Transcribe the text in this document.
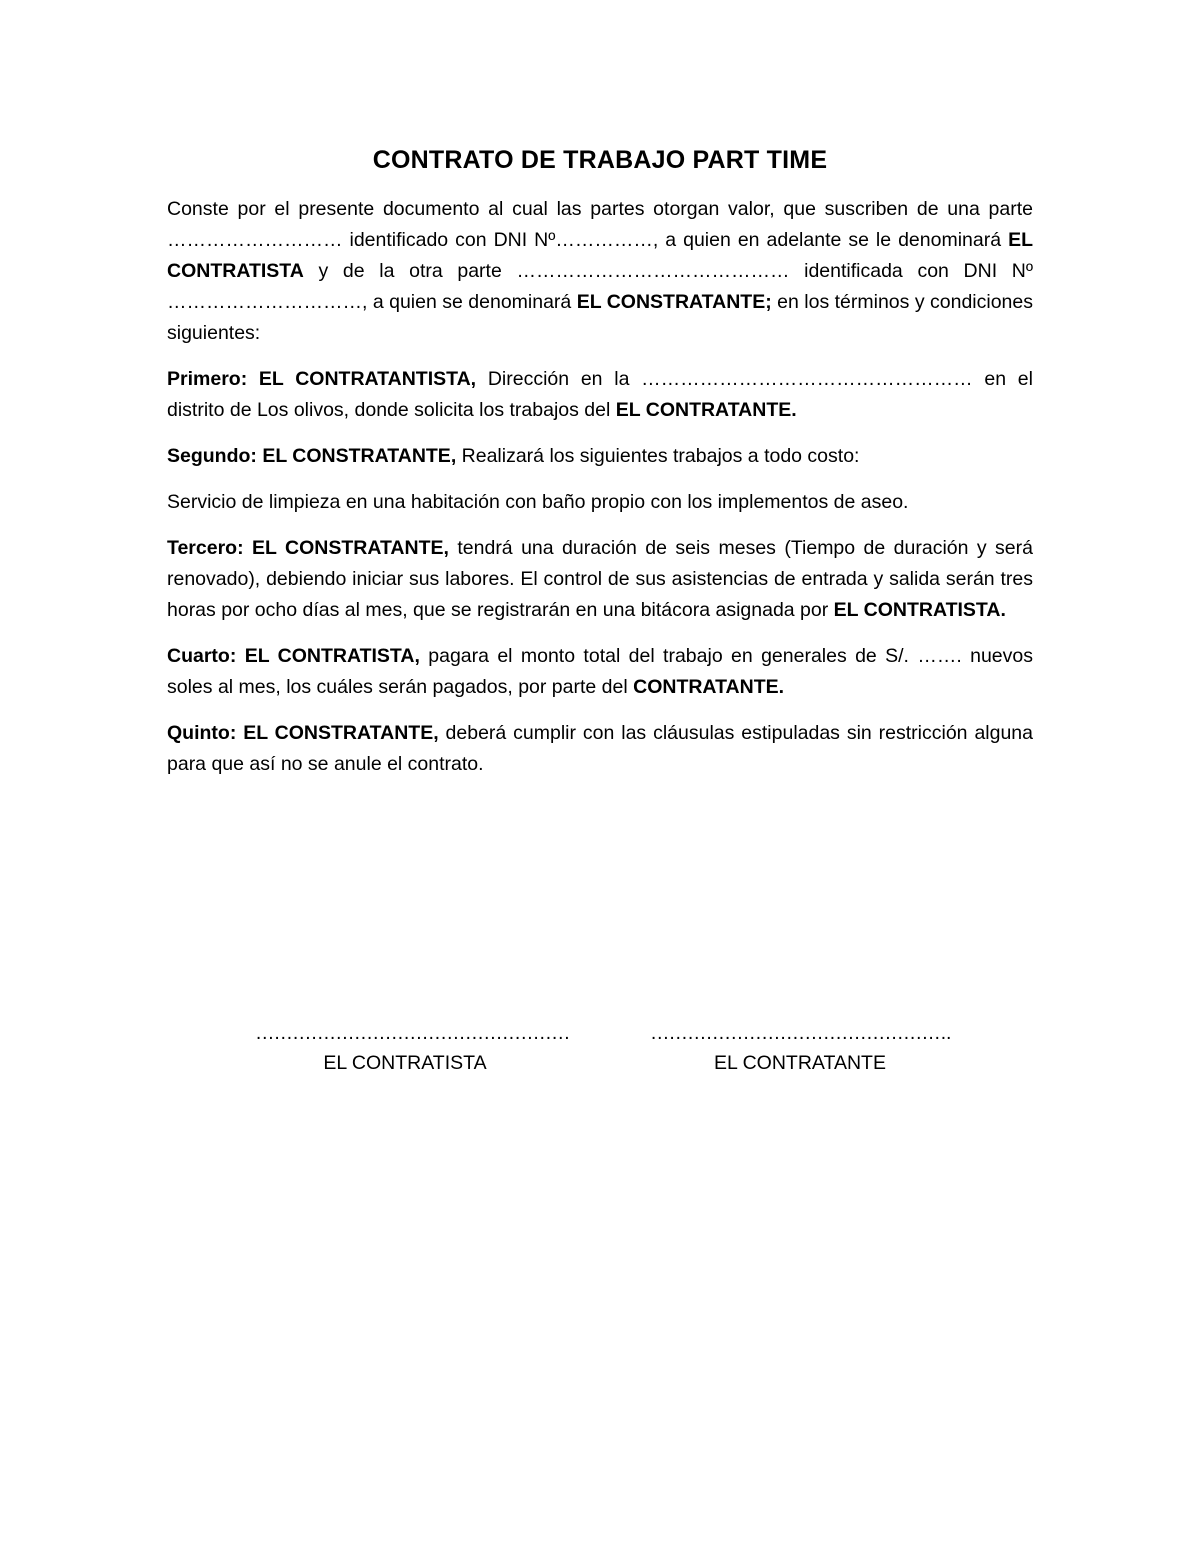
CONTRATO DE TRABAJO PART TIME

Conste por el presente documento al cual las partes otorgan valor, que suscriben de una parte ……………………… identificado con DNI Nº……………, a quien en adelante se le denominará EL CONTRATISTA y de la otra parte …………………………………… identificada con DNI Nº …………………………, a quien se denominará EL CONSTRATANTE; en los términos y condiciones siguientes:

Primero: EL CONTRATANTISTA, Dirección en la …………………………………………… en el distrito de Los olivos, donde solicita los trabajos del EL CONTRATANTE.

Segundo: EL CONSTRATANTE, Realizará los siguientes trabajos a todo costo:

Servicio de limpieza en una habitación con baño propio con los implementos de aseo.

Tercero: EL CONSTRATANTE, tendrá una duración de seis meses (Tiempo de duración y será renovado), debiendo iniciar sus labores. El control de sus asistencias de entrada y salida serán tres horas por ocho días al mes, que se registrarán en una bitácora asignada por EL CONTRATISTA.

Cuarto: EL CONTRATISTA, pagara el monto total del trabajo en generales de S/. ……. nuevos soles al mes, los cuáles serán pagados, por parte del CONTRATANTE.

Quinto: EL CONSTRATANTE, deberá cumplir con las cláusulas estipuladas sin restricción alguna para que así no se anule el contrato.

……………………………………………
EL CONTRATISTA
………………………………………….
EL CONTRATANTE
